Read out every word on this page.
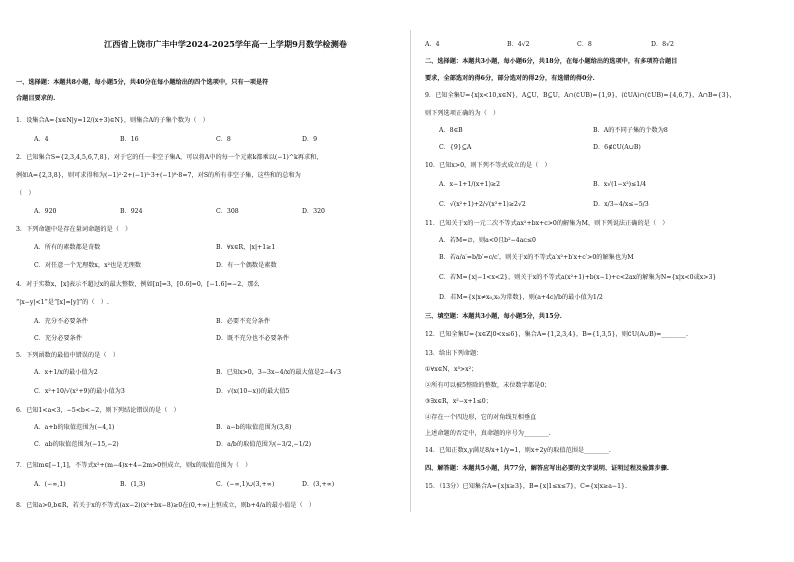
江西省上饶市广丰中学2024-2025学年高一上学期9月数学检测卷
一、选择题：本题共8小题，每小题5分，共40分在每小题给出的四个选项中，只有一项是符
合题目要求的.
1．设集合A={x∈N|y=12/(x+3)∈N}，则集合A的子集个数为（　）
A．4	B．16	C．8	D．9
2．已知集合S={2,3,4,5,6,7,8}，对于它的任一非空子集A，可以将A中的每一个元素k都乘以(−1)^k再求和，
例如A={2,3,8}，则可求得和为(−1)²·2+(−1)³·3+(−1)⁸·8=7，对S的所有非空子集，这些和的总和为
（　）
A．920	B．924	C．308	D．320
3．下列命题中是存在量词命题的是（　）
A．所有的素数都是奇数	B．∀x∈R，|x|+1≥1
C．对任意一个无理数x，x²也是无理数	D．有一个偶数是素数
4．对于实数x，[x]表示不超过x的最大整数，例如[π]=3，[0.6]=0，[−1.6]=−2，那么
“|x−y|<1”是“[x]=[y]”的（　）.
A．充分不必要条件	B．必要不充分条件
C．充分必要条件	D．既不充分也不必要条件
5．下列函数的最值中错误的是（　）
A．x+1/x的最小值为2	B．已知x>0，3−3x−4/x的最大值是2−4√3
C．x²+10/√(x²+9)的最小值为3	D．√(x(10−x))的最大值5
6．已知1<a<3，−5<b<−2，则下列结论错误的是（　）
A．a+b的取值范围为(−4,1)	B．a−b的取值范围为(3,8)
C．ab的取值范围为(−15,−2)	D．a/b的取值范围为(−3/2,−1/2)
7．已知m∈[−1,1]，不等式x²+(m−4)x+4−2m>0恒成立，则x的取值范围为（　）
A．(−∞,1)	B．(1,3)	C．(−∞,1)∪(3,+∞)	D．(3,+∞)
8．已知a>0,b∈R，若关于x的不等式(ax−2)(x²+bx−8)≥0在(0,+∞)上恒成立，则b+4/a的最小值是（　）
A．4	B．4√2	C．8	D．8√2
二、选择题：本题共3小题，每小题6分，共18分，在每小题给出的选项中，有多项符合题目
要求，全部选对的得6分，部分选对的得2分，有选错的得0分.
9．已知全集U={x|x<10,x∈N}，A⊆U，B⊆U，A∩(∁UB)={1,9}，(∁UA)∩(∁UB)={4,6,7}，A∩B={3}，
则下列选项正确的为（　）
A．8∈B	B．A的不同子集的个数为8
C．{9}⊆A	D．6∉∁U(A∪B)
10．已知x>0，则下列不等式成立的是（　）
A．x−1+1/(x+1)≥2	B．x√(1−x²)≤1/4
C．√(x²+1)+2/√(x²+1)≥2√2	D．x/3−4/x≤−5/3
11．已知关于x的一元二次不等式ax²+bx+c>0的解集为M，则下列说法正确的是（　）
A．若M=∅，则a<0且b²−4ac≤0
B．若a/a′=b/b′=c/c′，则关于x的不等式a′x²+b′x+c′>0的解集也为M
C．若M={x|−1<x<2}，则关于x的不等式a(x²+1)+b(x−1)+c<2ax的解集为N={x|x<0或x>3}
D．若M={x|x≠x₀,x₀为常数}，则(a+4c)/b的最小值为1/2
三、填空题：本题共3小题，每小题5分，共15分.
12．已知全集U={x∈Z|0<x≤6}，集合A={1,2,3,4}，B={1,3,5}，则∁U(A∪B)=________.
13．给出下列命题：
①∀x∈N，x³>x²；
②所有可以被5整除的整数，末位数字都是0；
③∃x∈R，x²−x+1≤0；
④存在一个四边形，它的对角线互相垂直
上述命题的否定中，真命题的序号为________.
14．已知正数x,y满足8/x+1/y=1，则x+2y的取值范围是________.
四、解答题：本题共5小题，共77分，解答应写出必要的文字说明、证明过程及验算步骤.
15．（13分）已知集合A={x|x≥3}，B={x|1≤x≤7}，C={x|x≥a−1}.
